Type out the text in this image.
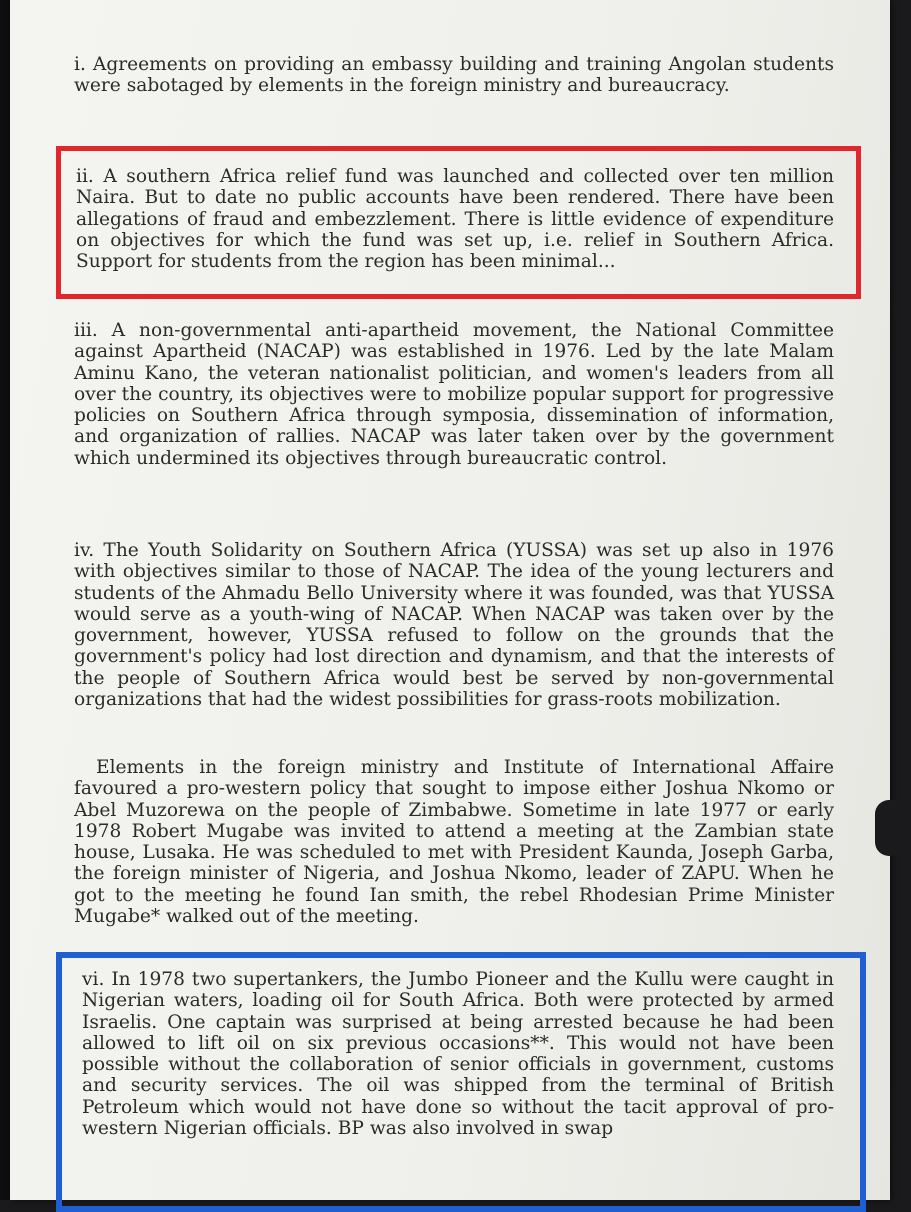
i. Agreements on providing an embassy building and training Angolan students were sabotaged by elements in the foreign ministry and bureaucracy.

ii. A southern Africa relief fund was launched and collected over ten million Naira. But to date no public accounts have been rendered. There have been allegations of fraud and embezzlement. There is little evidence of expenditure on objectives for which the fund was set up, i.e. relief in Southern Africa. Support for students from the region has been minimal...

iii. A non-governmental anti-apartheid movement, the National Committee against Apartheid (NACAP) was established in 1976. Led by the late Malam Aminu Kano, the veteran nationalist politician, and women's leaders from all over the country, its objectives were to mobilize popular support for progressive policies on Southern Africa through symposia, dissemination of information, and organization of rallies. NACAP was later taken over by the government which undermined its objectives through bureaucratic control.

iv. The Youth Solidarity on Southern Africa (YUSSA) was set up also in 1976 with objectives similar to those of NACAP. The idea of the young lecturers and students of the Ahmadu Bello University where it was founded, was that YUSSA would serve as a youth-wing of NACAP. When NACAP was taken over by the government, however, YUSSA refused to follow on the grounds that the government's policy had lost direction and dynamism, and that the interests of the people of Southern Africa would best be served by non-governmental organizations that had the widest possibilities for grass-roots mobilization.

Elements in the foreign ministry and Institute of International Affaire favoured a pro-western policy that sought to impose either Joshua Nkomo or Abel Muzorewa on the people of Zimbabwe. Sometime in late 1977 or early 1978 Robert Mugabe was invited to attend a meeting at the Zambian state house, Lusaka. He was scheduled to met with President Kaunda, Joseph Garba, the foreign minister of Nigeria, and Joshua Nkomo, leader of ZAPU. When he got to the meeting he found Ian smith, the rebel Rhodesian Prime Minister Mugabe* walked out of the meeting.

vi. In 1978 two supertankers, the Jumbo Pioneer and the Kullu were caught in Nigerian waters, loading oil for South Africa. Both were protected by armed Israelis. One captain was surprised at being arrested because he had been allowed to lift oil on six previous occasions**. This would not have been possible without the collaboration of senior officials in government, customs and security services. The oil was shipped from the terminal of British Petroleum which would not have done so without the tacit approval of pro-western Nigerian officials. BP was also involved in swap
